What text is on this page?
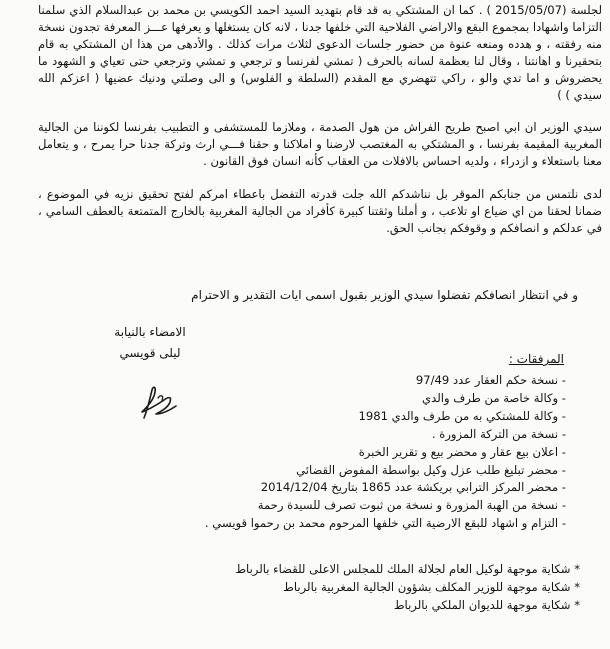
لجلسة (2015/05/07 ) . كما ان المشتكي به قد قام بتهديد السيد احمد الكويسي بن محمد بن عبدالسلام الذي سلمنا التزاما واشهادا بمجموع البقع والاراضي الفلاحية التي خلفها جدنا ، لانه كان يستغلها و يعرفها عـــز المعرفة تجدون نسخة منه رفقته ، و هدده ومنعه عنوة من حضور جلسات الدعوى لثلاث مرات كذلك . والأدهى من هذا ان المشتكي به قام بتحقيرنا و اهانتنا ، وقال لنا بعظمة لسانه بالحرف ( تمشي لفرنسا و ترجعي و تمشي وترجعي حتى تعياي و الشهود ما يحضروش و اما تدي والو ، راكي تتهضري مع المقدم (السلطة و الفلوس) و الى وصلتي ودنيك عضيها ( اعزكم الله سيدي ) )

سيدي الوزير ان ابي اصبح طريح الفراش من هول الصدمة ، وملازما للمستشفى و التطبيب بفرنسا لكوننا من الجالية المغربية المقيمة بفرنسا ، و المشتكي به المغتصب لارضنا و املاكنا و حقنا فـــي ارث وتركة جدنا حرا يمرح ، و يتعامل معنا باستعلاء و ازدراء ، ولديه احساس بالافلات من العقاب كأنه انسان فوق القانون .

لدى نلتمس من جنابكم الموقر بل نناشدكم الله جلت قدرته التفضل باعطاء امركم لفتح تحقيق نزيه في الموضوع ، ضمانا لحقنا من اي ضياع او تلاعب ، و أملنا وثقتنا كبيرة كأفراد من الجالية المغربية بالخارج المتمتعة بالعطف السامي ، في عدلكم و انصافكم و وقوفكم بجانب الحق.

و في انتظار انصافكم تفضلوا سيدي الوزير بقبول اسمى ايات التقدير و الاحترام
الامضاء بالنيابة
ليلى قويسي	المرفقات :
- نسخة حكم العقار عدد 97/49
- وكالة خاصة من طرف والدي
- وكالة للمشتكي به من طرف والدي 1981
- نسخة من التركة المزورة .
- اعلان بيع عقار و محضر بيع و تقرير الخبرة
- محضر تبليغ طلب عزل وكيل بواسطة المفوض القضائي
- محضر المركز الترابي بريكشة عدد 1865 بتاريخ 2014/12/04
- نسخة من الهبة المزورة و نسخة من ثبوت تصرف للسيدة رحمة
- التزام و اشهاد للبقع الارضية التي خلفها المرحوم محمد بن رحموا قويسي .
* شكاية موجهة لوكيل العام لجلالة الملك للمجلس الاعلى للقضاء بالرباط
* شكاية موجهة للوزير المكلف بشؤون الجالية المغربية بالرباط
* شكاية موجهة للديوان الملكي بالرباط
